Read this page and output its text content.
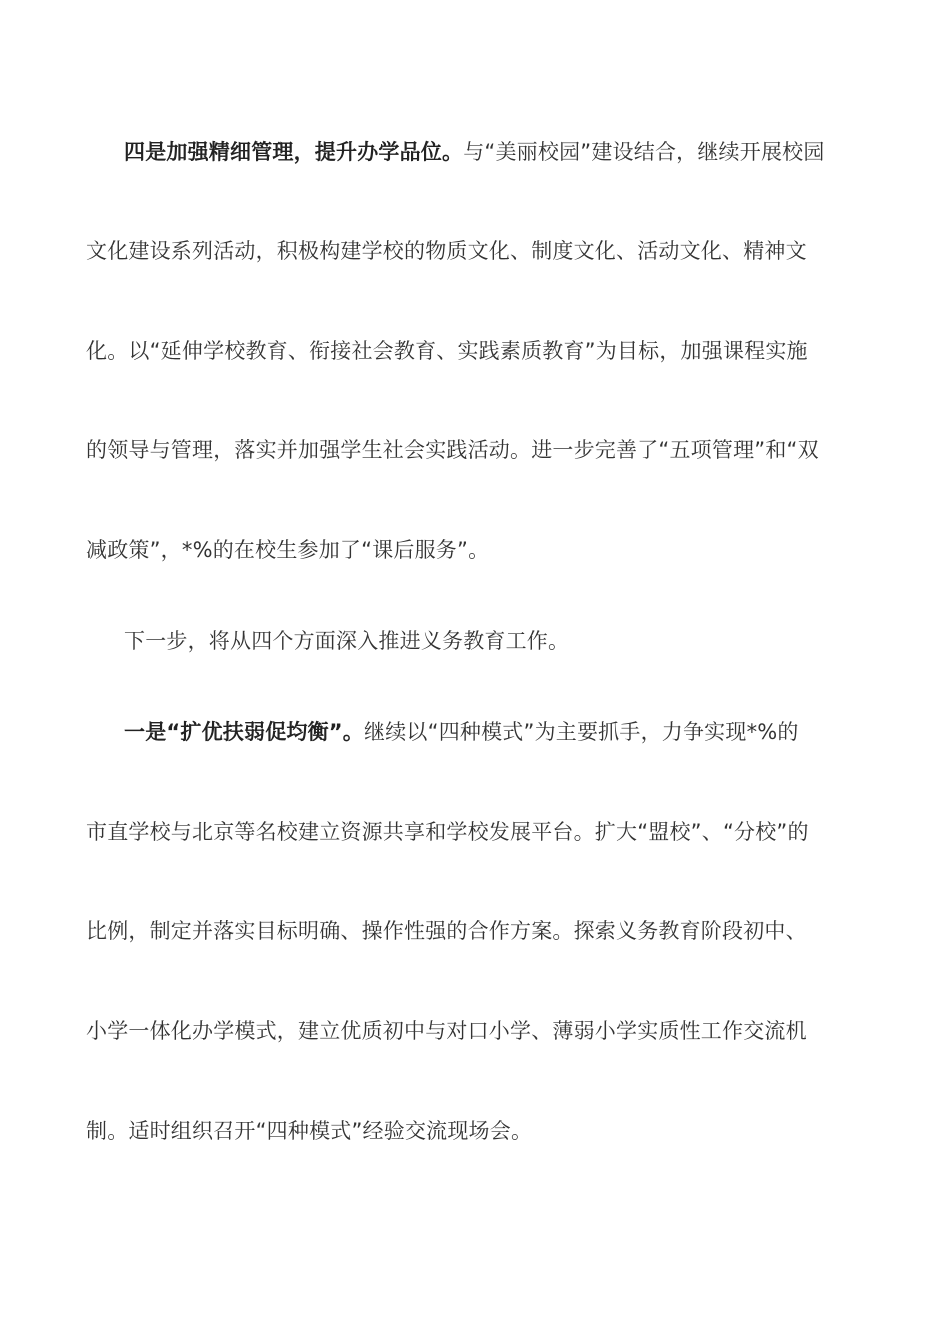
四是加强精细管理，提升办学品位。与“美丽校园”建设结合，继续开展校园
文化建设系列活动，积极构建学校的物质文化、制度文化、活动文化、精神文
化。以“延伸学校教育、衔接社会教育、实践素质教育”为目标，加强课程实施
的领导与管理，落实并加强学生社会实践活动。进一步完善了“五项管理”和“双
减政策”，*%的在校生参加了“课后服务”。
下一步，将从四个方面深入推进义务教育工作。
一是“扩优扶弱促均衡”。继续以“四种模式”为主要抓手，力争实现*%的
市直学校与北京等名校建立资源共享和学校发展平台。扩大“盟校”、“分校”的
比例，制定并落实目标明确、操作性强的合作方案。探索义务教育阶段初中、
小学一体化办学模式，建立优质初中与对口小学、薄弱小学实质性工作交流机
制。适时组织召开“四种模式”经验交流现场会。
